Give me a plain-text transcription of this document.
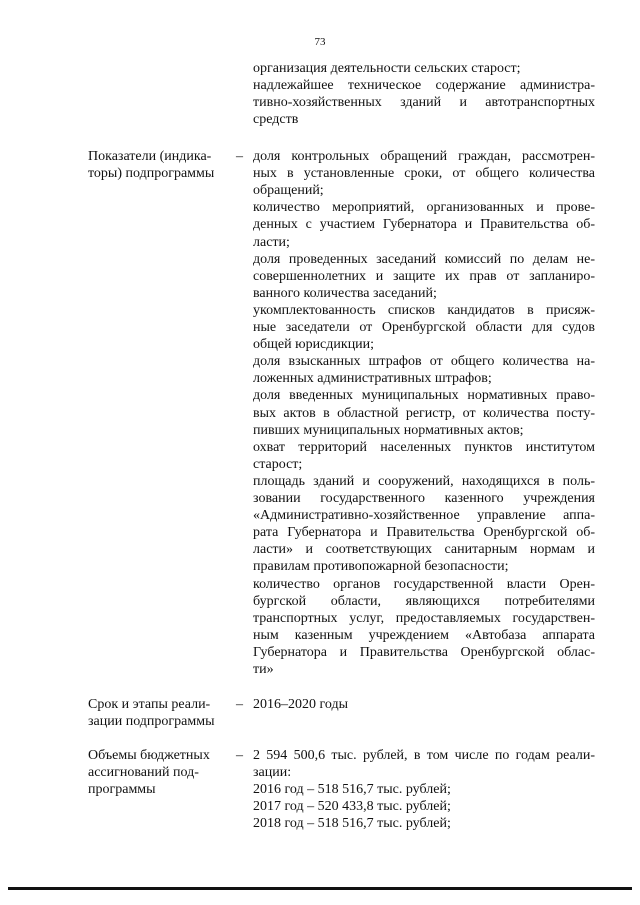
73
организация деятельности сельских старост;
надлежайшее техническое содержание администра-
тивно-хозяйственных зданий и автотранспортных
средств
Показатели (индика-
торы) подпрограммы
– доля контрольных обращений граждан, рассмотрен-
ных в установленные сроки, от общего количества
обращений;
количество мероприятий, организованных и прове-
денных с участием Губернатора и Правительства об-
ласти;
доля проведенных заседаний комиссий по делам не-
совершеннолетних и защите их прав от запланиро-
ванного количества заседаний;
укомплектованность списков кандидатов в присяж-
ные заседатели от Оренбургской области для судов
общей юрисдикции;
доля взысканных штрафов от общего количества на-
ложенных административных штрафов;
доля введенных муниципальных нормативных право-
вых актов в областной регистр, от количества посту-
пивших муниципальных нормативных актов;
охват территорий населенных пунктов институтом
старост;
площадь зданий и сооружений, находящихся в поль-
зовании государственного казенного учреждения
«Административно-хозяйственное управление аппа-
рата Губернатора и Правительства Оренбургской об-
ласти» и соответствующих санитарным нормам и
правилам противопожарной безопасности;
количество органов государственной власти Орен-
бургской области, являющихся потребителями
транспортных услуг, предоставляемых государствен-
ным казенным учреждением «Автобаза аппарата
Губернатора и Правительства Оренбургской облас-
ти»
Срок и этапы реали-
зации подпрограммы
– 2016–2020 годы
Объемы бюджетных
ассигнований под-
программы
– 2 594 500,6 тыс. рублей, в том числе по годам реали-
зации:
2016 год – 518 516,7 тыс. рублей;
2017 год – 520 433,8 тыс. рублей;
2018 год – 518 516,7 тыс. рублей;
